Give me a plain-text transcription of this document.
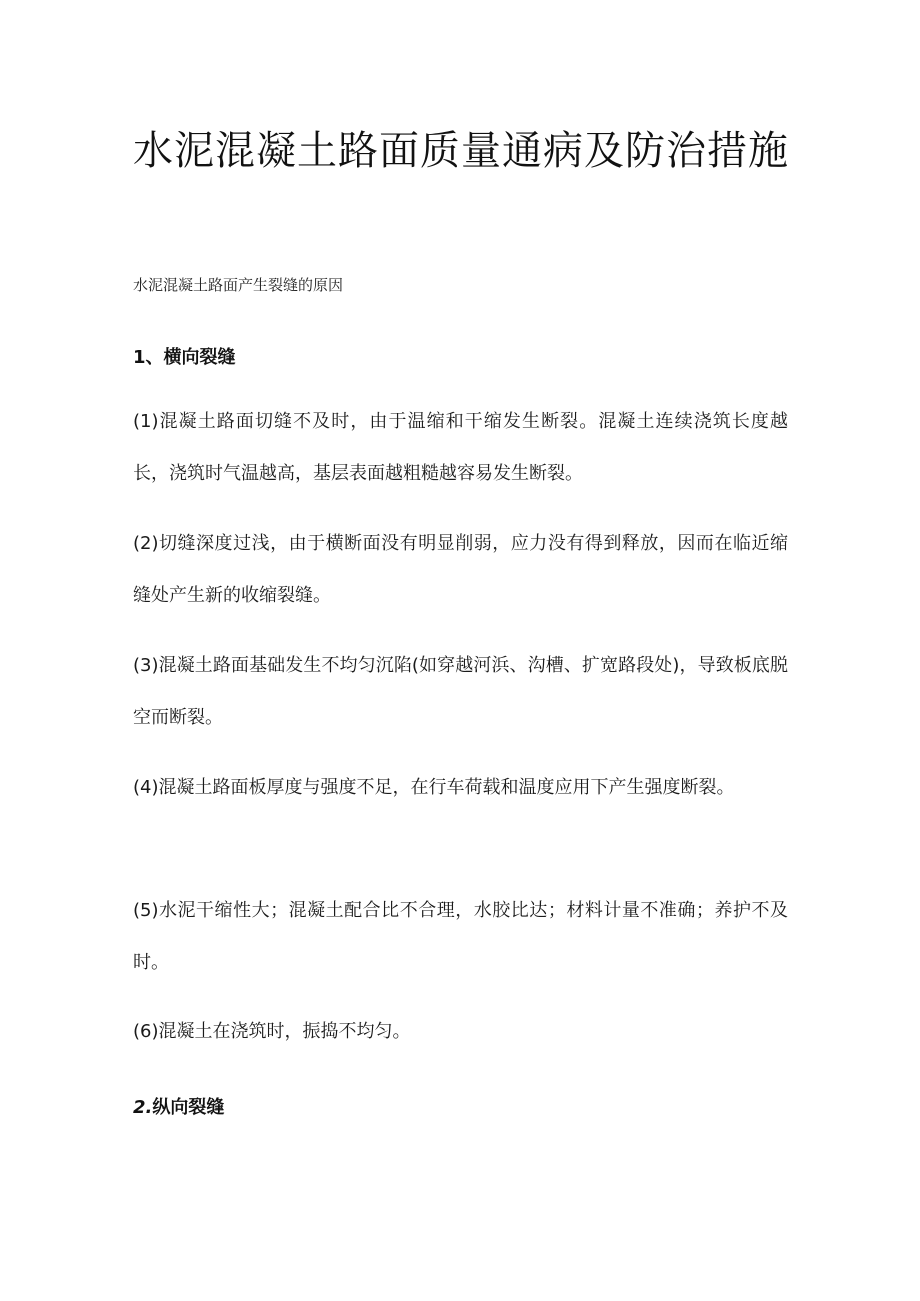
水泥混凝土路面质量通病及防治措施

水泥混凝土路面产生裂缝的原因

1、横向裂缝

(1)混凝土路面切缝不及时，由于温缩和干缩发生断裂。混凝土连续浇筑长度越长，浇筑时气温越高，基层表面越粗糙越容易发生断裂。

(2)切缝深度过浅，由于横断面没有明显削弱，应力没有得到释放，因而在临近缩缝处产生新的收缩裂缝。

(3)混凝土路面基础发生不均匀沉陷(如穿越河浜、沟槽、扩宽路段处)，导致板底脱空而断裂。

(4)混凝土路面板厚度与强度不足，在行车荷载和温度应用下产生强度断裂。

(5)水泥干缩性大；混凝土配合比不合理，水胶比达；材料计量不准确；养护不及时。

(6)混凝土在浇筑时，振捣不均匀。

2.纵向裂缝
